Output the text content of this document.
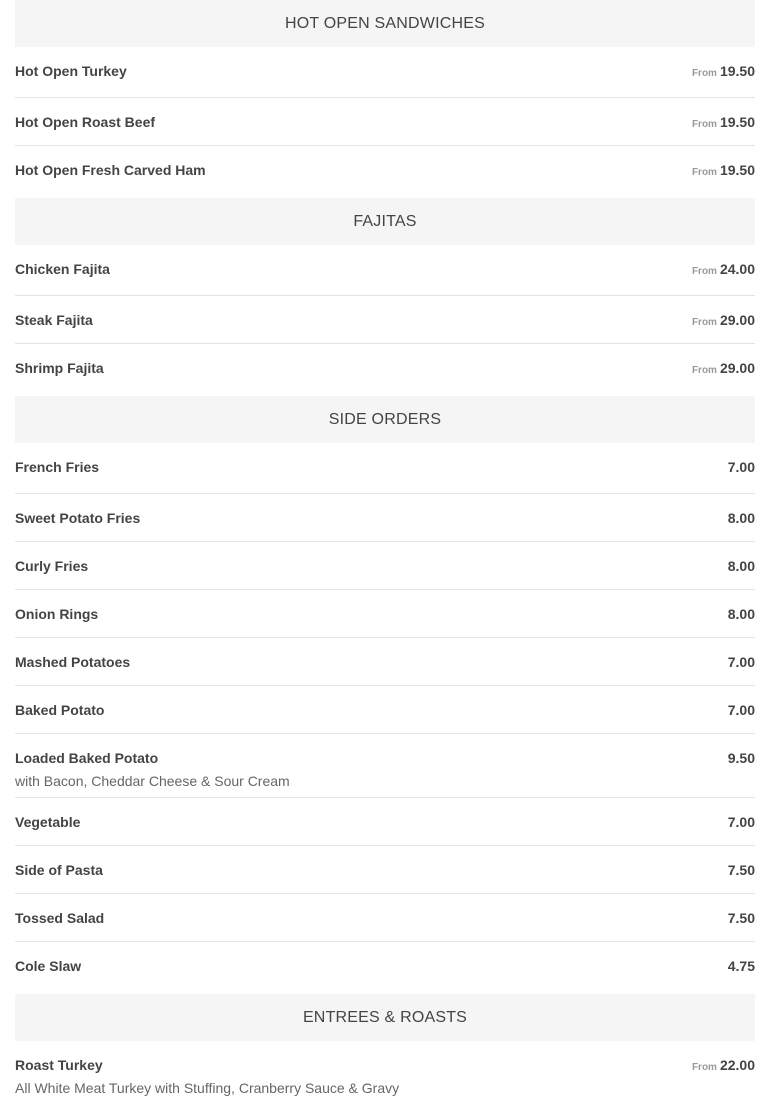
HOT OPEN SANDWICHES
Hot Open Turkey	From 19.50
Hot Open Roast Beef	From 19.50
Hot Open Fresh Carved Ham	From 19.50
FAJITAS
Chicken Fajita	From 24.00
Steak Fajita	From 29.00
Shrimp Fajita	From 29.00
SIDE ORDERS
French Fries	7.00
Sweet Potato Fries	8.00
Curly Fries	8.00
Onion Rings	8.00
Mashed Potatoes	7.00
Baked Potato	7.00
Loaded Baked Potato	9.50
with Bacon, Cheddar Cheese & Sour Cream
Vegetable	7.00
Side of Pasta	7.50
Tossed Salad	7.50
Cole Slaw	4.75
ENTREES & ROASTS
Roast Turkey	From 22.00
All White Meat Turkey with Stuffing, Cranberry Sauce & Gravy
